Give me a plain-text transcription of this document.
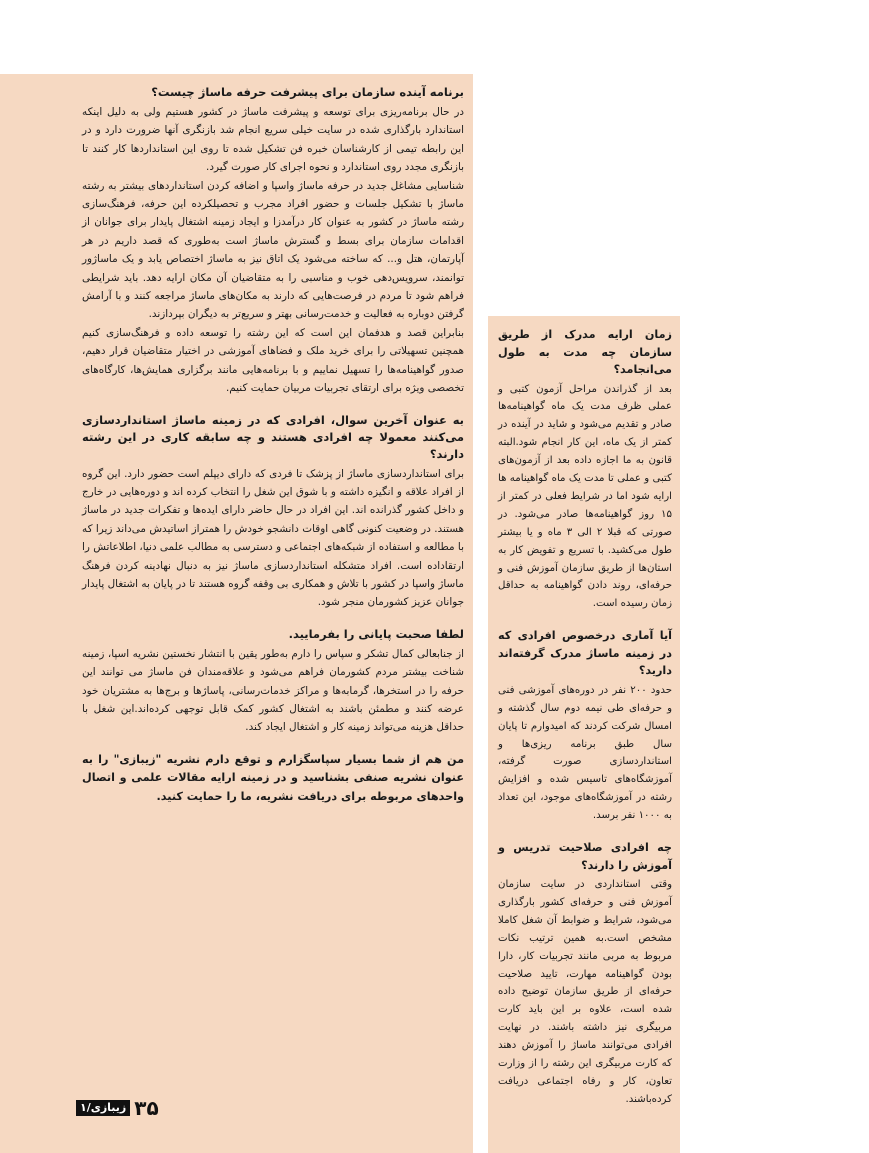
برنامه آینده سازمان برای پیشرفت حرفه ماساژ چیست؟

در حال برنامه‌ریزی برای توسعه و پیشرفت ماساژ در کشور هستیم ولی به دلیل اینکه استاندارد بارگذاری شده در سایت خیلی سریع انجام شد بازنگری آنها ضرورت دارد و در این رابطه تیمی از کارشناسان خبره فن تشکیل شده تا روی این استانداردها کار کنند تا بازنگری مجدد روی استاندارد و نحوه اجرای کار صورت گیرد.

شناسایی مشاغل جدید در حرفه ماساژ واسپا و اضافه کردن استانداردهای بیشتر به رشته ماساژ با تشکیل جلسات و حضور افراد مجرب و تحصیلکرده این حرفه، فرهنگ‌سازی رشته ماساژ در کشور به عنوان کار درآمدزا و ایجاد زمینه اشتغال پایدار برای جوانان از اقدامات سازمان برای بسط و گسترش ماساژ است به‌طوری که قصد داریم در هر آپارتمان، هتل و... که ساخته می‌شود یک اتاق نیز به ماساژ اختصاص یابد و یک ماساژور توانمند، سرویس‌دهی خوب و مناسبی را به متقاضیان آن مکان ارایه دهد. باید شرایطی فراهم شود تا مردم در فرصت‌هایی که دارند به مکان‌های ماساژ مراجعه کنند و با آرامش گرفتن دوباره به فعالیت و خدمت‌رسانی بهتر و سریع‌تر به دیگران بپردازند.

بنابراین قصد و هدفمان این است که این رشته را توسعه داده و فرهنگ‌سازی کنیم همچنین تسهیلاتی را برای خرید ملک و فضاهای آموزشی در اختیار متقاضیان قرار دهیم، صدور گواهینامه‌ها را تسهیل نماییم و با برنامه‌هایی مانند برگزاری همایش‌ها، کارگاه‌های تخصصی ویژه برای ارتقای تجربیات مربیان حمایت کنیم.

به عنوان آخرین سوال، افرادی که در زمینه ماساژ استانداردسازی می‌کنند معمولا چه افرادی هستند و چه سابقه کاری در این رشته دارند؟

برای استانداردسازی ماساژ از پزشک تا فردی که دارای دیپلم است حضور دارد. این گروه از افراد علاقه و انگیزه داشته و با شوق این شغل را انتخاب کرده اند و دوره‌هایی در خارج و داخل کشور گذرانده اند. این افراد در حال حاضر دارای ایده‌ها و تفکرات جدید در ماساژ هستند. در وضعیت کنونی گاهی اوقات دانشجو خودش را همتراز اساتیدش می‌داند زیرا که با مطالعه و استفاده از شبکه‌های اجتماعی و دسترسی به مطالب علمی دنیا، اطلاعاتش را ارتقاداده است. افراد متشکله استانداردسازی ماساژ نیز به دنبال نهادینه کردن فرهنگ ماساژ واسپا در کشور با تلاش و همکاری بی وقفه گروه هستند تا در پایان به اشتغال پایدار جوانان عزیز کشورمان منجر شود.

لطفا صحبت پایانی را بفرمایید.

از جنابعالی کمال تشکر و سپاس را دارم به‌طور یقین با انتشار نخستین نشریه اسپا، زمینه شناخت بیشتر مردم کشورمان فراهم می‌شود و علاقه‌مندان فن ماساژ می توانند این حرفه را در استخرها، گرمابه‌ها و مراکز خدمات‌رسانی، پاساژها و برج‌ها به مشتریان خود عرضه کنند و مطمئن باشند به اشتغال کشور کمک قابل توجهی کرده‌اند.این شغل با حداقل هزینه می‌تواند زمینه کار و اشتغال ایجاد کند.

من هم از شما بسیار سپاسگزارم و توقع دارم نشریه "زیبازی" را به عنوان نشریه صنفی بشناسید و در زمینه ارایه مقالات علمی و اتصال واحدهای مربوطه برای دریافت نشریه، ما را حمایت کنید.

زمان ارایه مدرک از طریق سازمان چه مدت به طول می‌انجامد؟

بعد از گذراندن مراحل آزمون کتبی و عملی ظرف مدت یک ماه گواهینامه‌ها صادر و تقدیم می‌شود و شاید در آینده در کمتر از یک ماه، این کار انجام شود.البته قانون به ما اجازه داده بعد از آزمون‌های کتبی و عملی تا مدت یک ماه گواهینامه ها ارایه شود اما در شرایط فعلی در کمتر از ۱۵ روز گواهینامه‌ها صادر می‌شود. در صورتی که قبلا ۲ الی ۳ ماه و یا بیشتر طول می‌کشید. با تسریع و تفویض کار به استان‌ها از طریق سازمان آموزش فنی و حرفه‌ای، روند دادن گواهینامه به حداقل زمان رسیده است.

آیا آماری درخصوص افرادی که در زمینه ماساژ مدرک گرفته‌اند دارید؟

حدود ۲۰۰ نفر در دوره‌های آموزشی فنی و حرفه‌ای طی نیمه دوم سال گذشته و امسال شرکت کردند که امیدوارم تا پایان سال طبق برنامه ریزی‌ها و استانداردسازی صورت گرفته، آموزشگاه‌های تاسیس شده و افزایش رشته در آموزشگاه‌های موجود، این تعداد به ۱۰۰۰ نفر برسد.

چه افرادی صلاحیت تدریس و آموزش را دارند؟

وقتی استانداردی در سایت سازمان آموزش فنی و حرفه‌ای کشور بارگذاری می‌شود، شرایط و ضوابط آن شغل کاملا مشخص است.به همین ترتیب نکات مربوط به مربی مانند تجربیات کار، دارا بودن گواهینامه مهارت، تایید صلاحیت حرفه‌ای از طریق سازمان توضیح داده شده است، علاوه بر این باید کارت مربیگری نیز داشته باشند. در نهایت افرادی می‌توانند ماساژ را آموزش دهند که کارت مربیگری این رشته را از وزارت تعاون، کار و رفاه اجتماعی دریافت کرده‌باشند.

۳۵
زیبازی/۱
